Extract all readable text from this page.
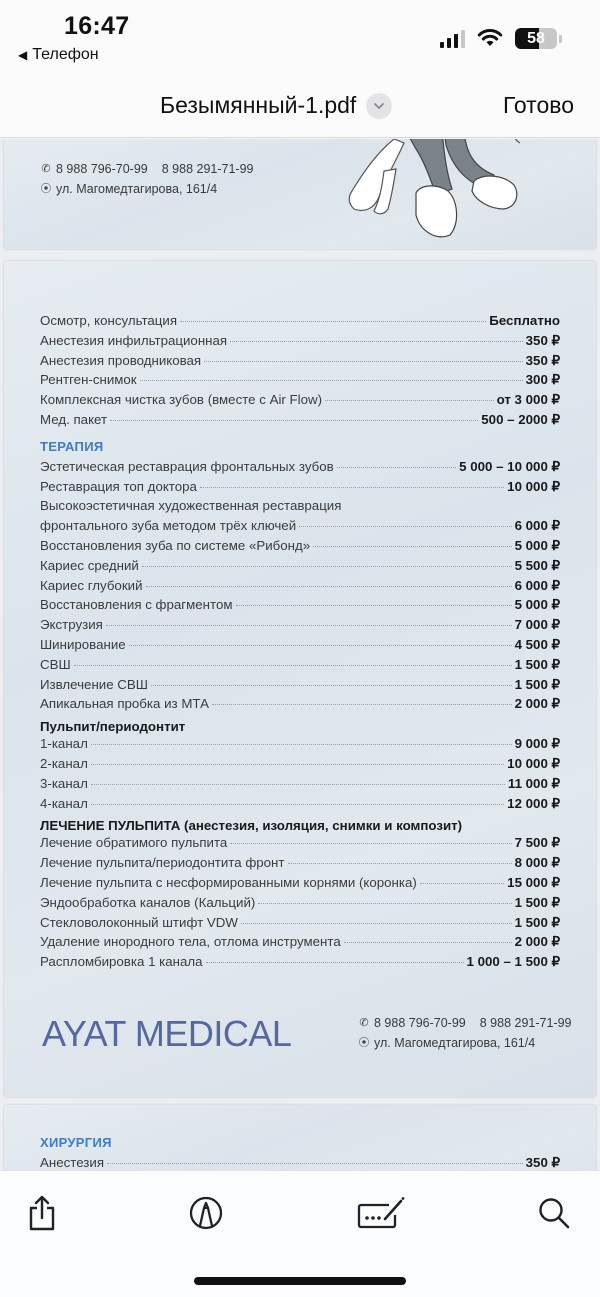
16:47
◀ Телефон
58
Безымянный-1.pdf	Готово
✆ 8 988 796-70-99 8 988 291-71-99
⦿ ул. Магомедтагирова, 161/4
Осмотр, консультация	Бесплатно
Анестезия инфильтрационная	350 ₽
Анестезия проводниковая	350 ₽
Рентген-снимок	300 ₽
Комплексная чистка зубов (вместе с Air Flow)	от 3 000 ₽
Мед. пакет	500 – 2000 ₽
ТЕРАПИЯ
Эстетическая реставрация фронтальных зубов	5 000 – 10 000 ₽
Реставрация топ доктора	10 000 ₽
Высокоэстетичная художественная реставрация
фронтального зуба методом трёх ключей	6 000 ₽
Восстановления зуба по системе «Рибонд»	5 000 ₽
Кариес средний	5 500 ₽
Кариес глубокий	6 000 ₽
Восстановления с фрагментом	5 000 ₽
Экструзия	7 000 ₽
Шинирование	4 500 ₽
СВШ	1 500 ₽
Извлечение СВШ	1 500 ₽
Апикальная пробка из МТА	2 000 ₽
Пульпит/периодонтит
1-канал	9 000 ₽
2-канал	10 000 ₽
3-канал	11 000 ₽
4-канал	12 000 ₽
ЛЕЧЕНИЕ ПУЛЬПИТА (анестезия, изоляция, снимки и композит)
Лечение обратимого пульпита	7 500 ₽
Лечение пульпита/периодонтита фронт	8 000 ₽
Лечение пульпита с несформированными корнями (коронка)	15 000 ₽
Эндообработка каналов (Кальций)	1 500 ₽
Стекловолоконный штифт VDW	1 500 ₽
Удаление инородного тела, отлома инструмента	2 000 ₽
Распломбировка 1 канала	1 000 – 1 500 ₽
AYAT MEDICAL	✆ 8 988 796-70-99 8 988 291-71-99
⦿ ул. Магомедтагирова, 161/4
ХИРУРГИЯ
Анестезия	350 ₽
